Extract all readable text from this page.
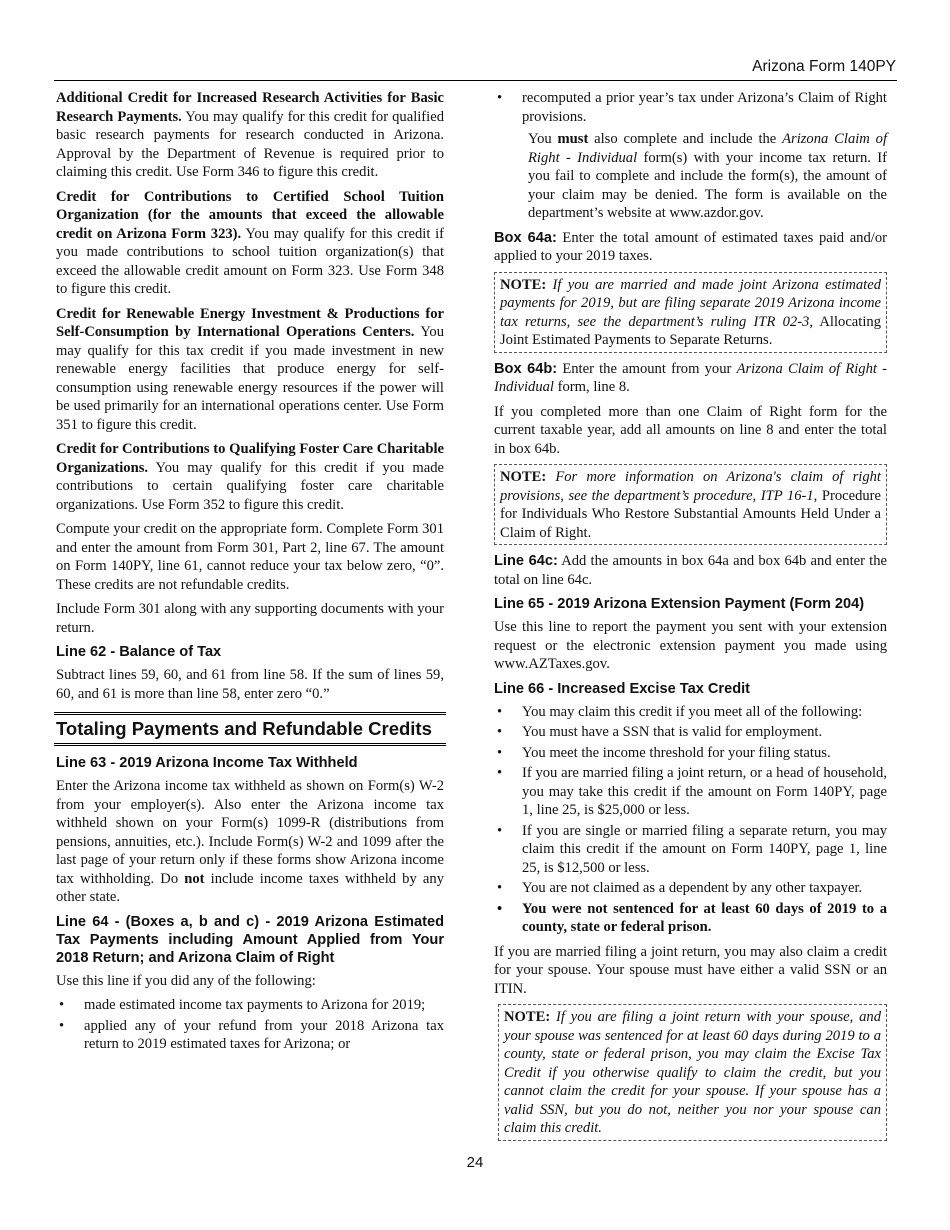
Arizona Form 140PY

Additional Credit for Increased Research Activities for Basic Research Payments. You may qualify for this credit for qualified basic research payments for research conducted in Arizona. Approval by the Department of Revenue is required prior to claiming this credit. Use Form 346 to figure this credit.

Credit for Contributions to Certified School Tuition Organization (for the amounts that exceed the allowable credit on Arizona Form 323). You may qualify for this credit if you made contributions to school tuition organization(s) that exceed the allowable credit amount on Form 323. Use Form 348 to figure this credit.

Credit for Renewable Energy Investment & Productions for Self-Consumption by International Operations Centers. You may qualify for this tax credit if you made investment in new renewable energy facilities that produce energy for self-consumption using renewable energy resources if the power will be used primarily for an international operations center. Use Form 351 to figure this credit.

Credit for Contributions to Qualifying Foster Care Charitable Organizations. You may qualify for this credit if you made contributions to certain qualifying foster care charitable organizations. Use Form 352 to figure this credit.

Compute your credit on the appropriate form. Complete Form 301 and enter the amount from Form 301, Part 2, line 67. The amount on Form 140PY, line 61, cannot reduce your tax below zero, “0”. These credits are not refundable credits.

Include Form 301 along with any supporting documents with your return.

Line 62 - Balance of Tax

Subtract lines 59, 60, and 61 from line 58. If the sum of lines 59, 60, and 61 is more than line 58, enter zero “0.”

Totaling Payments and Refundable Credits
Line 63 - 2019 Arizona Income Tax Withheld

Enter the Arizona income tax withheld as shown on Form(s) W-2 from your employer(s). Also enter the Arizona income tax withheld shown on your Form(s) 1099-R (distributions from pensions, annuities, etc.). Include Form(s) W-2 and 1099 after the last page of your return only if these forms show Arizona income tax withholding. Do not include income taxes withheld by any other state.

Line 64 - (Boxes a, b and c) - 2019 Arizona Estimated Tax Payments including Amount Applied from Your 2018 Return; and Arizona Claim of Right

Use this line if you did any of the following:

• made estimated income tax payments to Arizona for 2019;
• applied any of your refund from your 2018 Arizona tax return to 2019 estimated taxes for Arizona; or
• recomputed a prior year’s tax under Arizona’s Claim of Right provisions.

You must also complete and include the Arizona Claim of Right - Individual form(s) with your income tax return. If you fail to complete and include the form(s), the amount of your claim may be denied. The form is available on the department’s website at www.azdor.gov.

Box 64a: Enter the total amount of estimated taxes paid and/or applied to your 2019 taxes.

NOTE: If you are married and made joint Arizona estimated payments for 2019, but are filing separate 2019 Arizona income tax returns, see the department’s ruling ITR 02-3, Allocating Joint Estimated Payments to Separate Returns.

Box 64b: Enter the amount from your Arizona Claim of Right - Individual form, line 8.

If you completed more than one Claim of Right form for the current taxable year, add all amounts on line 8 and enter the total in box 64b.

NOTE: For more information on Arizona's claim of right provisions, see the department’s procedure, ITP 16-1, Procedure for Individuals Who Restore Substantial Amounts Held Under a Claim of Right.

Line 64c: Add the amounts in box 64a and box 64b and enter the total on line 64c.

Line 65 - 2019 Arizona Extension Payment (Form 204)

Use this line to report the payment you sent with your extension request or the electronic extension payment you made using www.AZTaxes.gov.

Line 66 - Increased Excise Tax Credit
• You may claim this credit if you meet all of the following:
• You must have a SSN that is valid for employment.
• You meet the income threshold for your filing status.
• If you are married filing a joint return, or a head of household, you may take this credit if the amount on Form 140PY, page 1, line 25, is $25,000 or less.
• If you are single or married filing a separate return, you may claim this credit if the amount on Form 140PY, page 1, line 25, is $12,500 or less.
• You are not claimed as a dependent by any other taxpayer.
• You were not sentenced for at least 60 days of 2019 to a county, state or federal prison.

If you are married filing a joint return, you may also claim a credit for your spouse. Your spouse must have either a valid SSN or an ITIN.

NOTE: If you are filing a joint return with your spouse, and your spouse was sentenced for at least 60 days during 2019 to a county, state or federal prison, you may claim the Excise Tax Credit if you otherwise qualify to claim the credit, but you cannot claim the credit for your spouse. If your spouse has a valid SSN, but you do not, neither you nor your spouse can claim this credit.
24
